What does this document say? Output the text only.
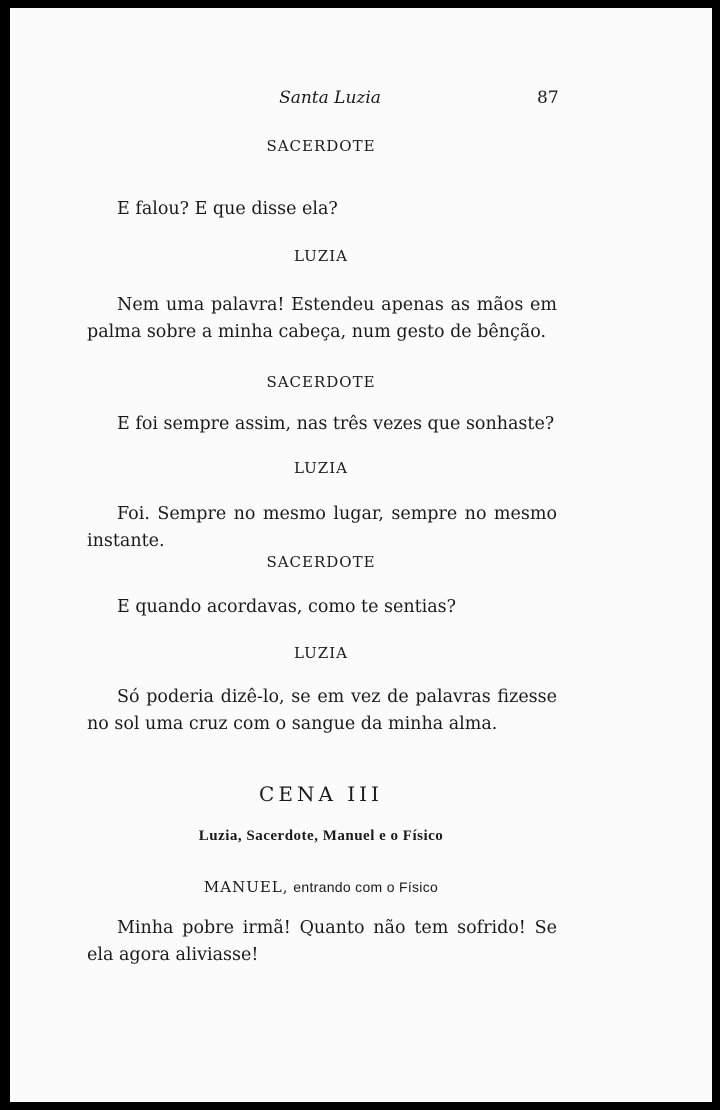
Santa Luzia	87

SACERDOTE

E falou? E que disse ela?

LUZIA

Nem uma palavra! Estendeu apenas as mãos em palma sobre a minha cabeça, num gesto de bênção.

SACERDOTE

E foi sempre assim, nas três vezes que sonhaste?

LUZIA

Foi. Sempre no mesmo lugar, sempre no mesmo instante.

SACERDOTE

E quando acordavas, como te sentias?

LUZIA

Só poderia dizê-lo, se em vez de palavras fizesse no sol uma cruz com o sangue da minha alma.

CENA III

Luzia, Sacerdote, Manuel e o Físico

MANUEL, entrando com o Físico

Minha pobre irmã! Quanto não tem sofrido! Se ela agora aliviasse!
